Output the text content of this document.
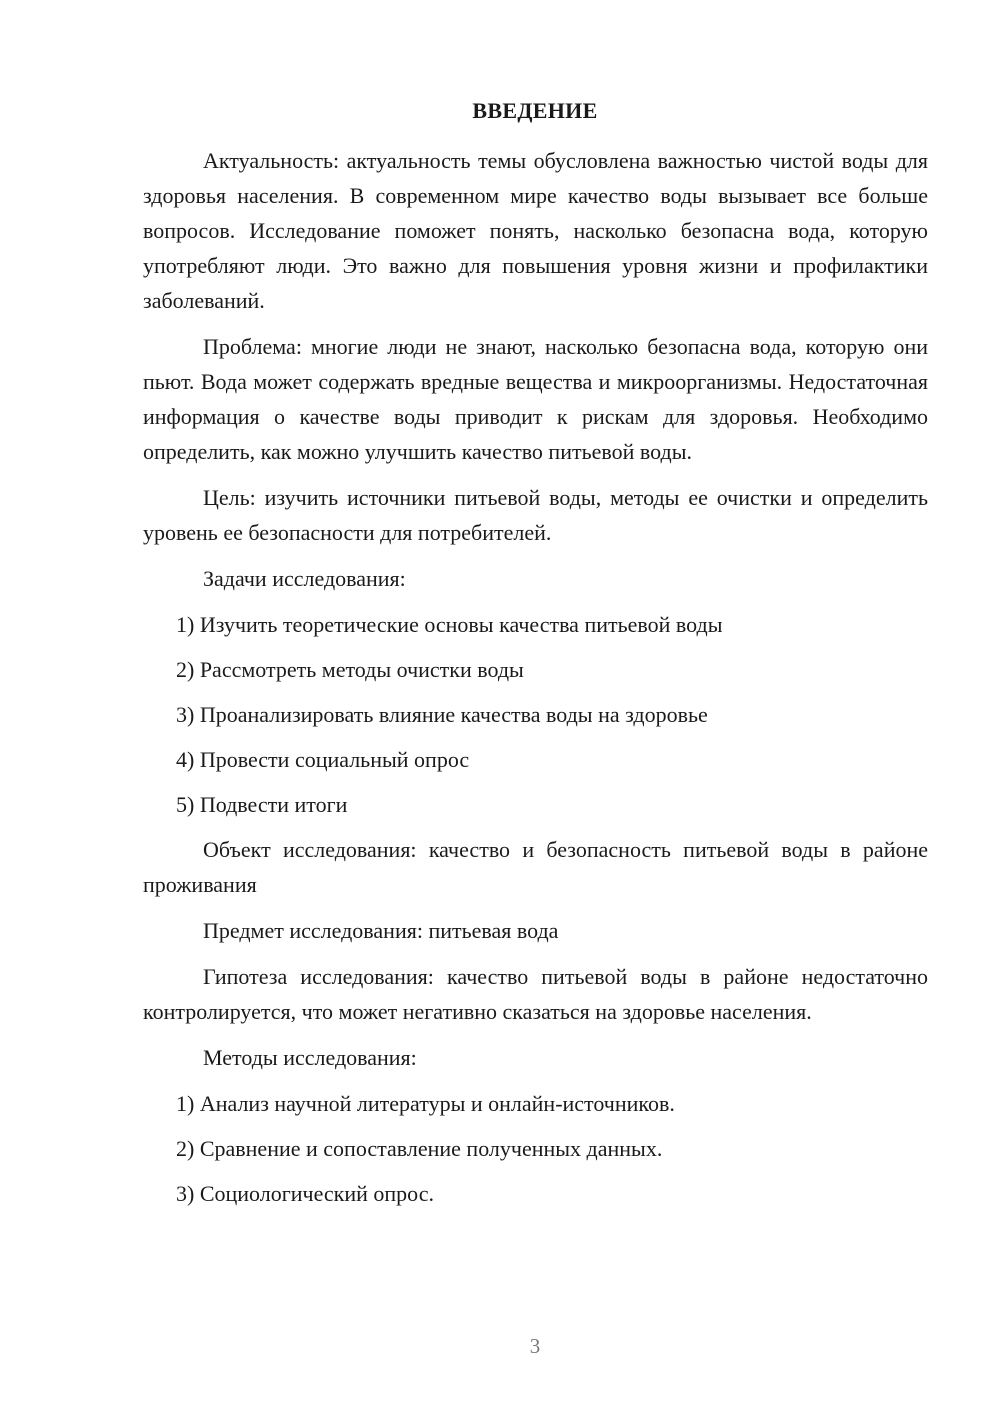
ВВЕДЕНИЕ

Актуальность: актуальность темы обусловлена важностью чистой воды для здоровья населения. В современном мире качество воды вызывает все больше вопросов. Исследование поможет понять, насколько безопасна вода, которую употребляют люди. Это важно для повышения уровня жизни и профилактики заболеваний.

Проблема: многие люди не знают, насколько безопасна вода, которую они пьют. Вода может содержать вредные вещества и микроорганизмы. Недостаточная информация о качестве воды приводит к рискам для здоровья. Необходимо определить, как можно улучшить качество питьевой воды.

Цель: изучить источники питьевой воды, методы ее очистки и определить уровень ее безопасности для потребителей.

Задачи исследования:

1) Изучить теоретические основы качества питьевой воды

2) Рассмотреть методы очистки воды

3) Проанализировать влияние качества воды на здоровье

4) Провести социальный опрос

5) Подвести итоги

Объект исследования: качество и безопасность питьевой воды в районе проживания

Предмет исследования: питьевая вода

Гипотеза исследования: качество питьевой воды в районе недостаточно контролируется, что может негативно сказаться на здоровье населения.

Методы исследования:

1) Анализ научной литературы и онлайн-источников.

2) Сравнение и сопоставление полученных данных.

3) Социологический опрос.

3
